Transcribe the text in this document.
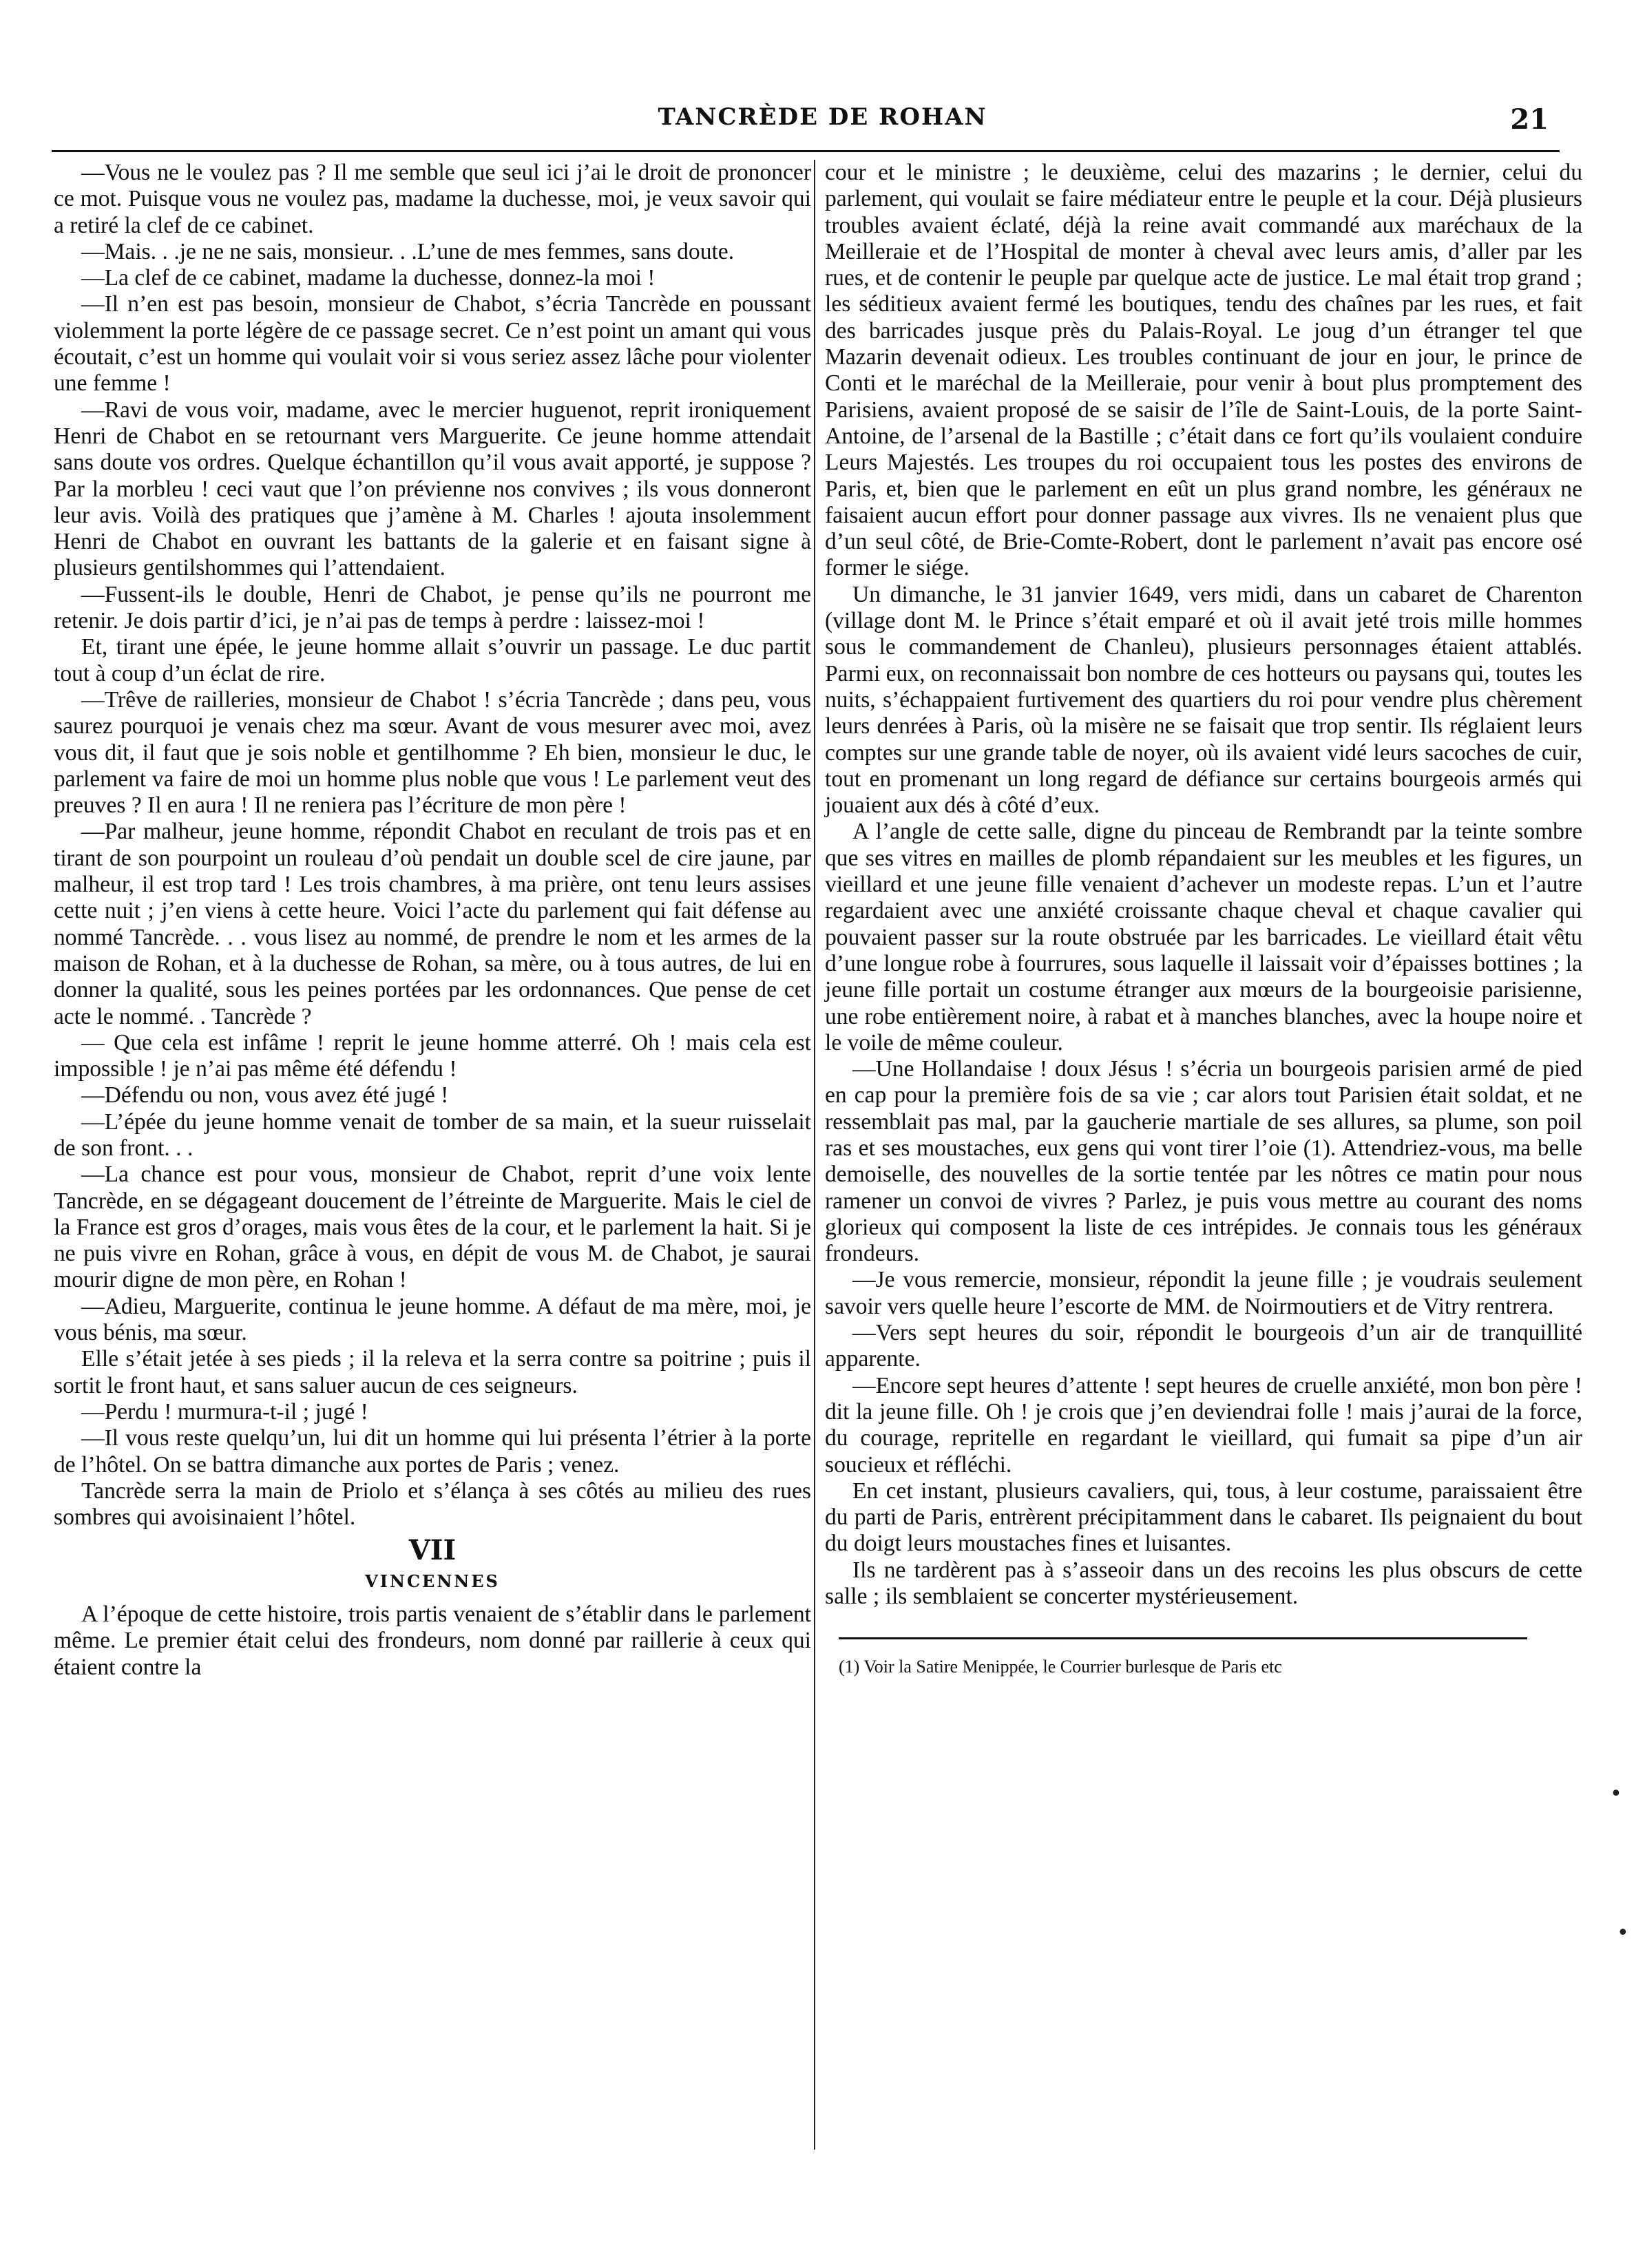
TANCRÈDE DE ROHAN	21

—Vous ne le voulez pas ? Il me semble que seul ici j’ai le droit de prononcer ce mot. Puisque vous ne voulez pas, madame la duchesse, moi, je veux savoir qui a retiré la clef de ce cabinet.

—Mais. . .je ne ne sais, monsieur. . .L’une de mes femmes, sans doute.

—La clef de ce cabinet, madame la duchesse, donnez-la moi !

—Il n’en est pas besoin, monsieur de Chabot, s’écria Tancrède en poussant violemment la porte légère de ce passage secret. Ce n’est point un amant qui vous écoutait, c’est un homme qui voulait voir si vous seriez assez lâche pour violenter une femme !

—Ravi de vous voir, madame, avec le mercier huguenot, reprit ironiquement Henri de Chabot en se retournant vers Marguerite. Ce jeune homme attendait sans doute vos ordres. Quelque échantillon qu’il vous avait apporté, je suppose ? Par la morbleu ! ceci vaut que l’on prévienne nos convives ; ils vous donneront leur avis. Voilà des pratiques que j’amène à M. Charles ! ajouta insolemment Henri de Chabot en ouvrant les battants de la galerie et en faisant signe à plusieurs gentilshommes qui l’attendaient.

—Fussent-ils le double, Henri de Chabot, je pense qu’ils ne pourront me retenir. Je dois partir d’ici, je n’ai pas de temps à perdre : laissez-moi !

Et, tirant une épée, le jeune homme allait s’ouvrir un passage. Le duc partit tout à coup d’un éclat de rire.

—Trêve de railleries, monsieur de Chabot ! s’écria Tancrède ; dans peu, vous saurez pourquoi je venais chez ma sœur. Avant de vous mesurer avec moi, avez vous dit, il faut que je sois noble et gentilhomme ? Eh bien, monsieur le duc, le parlement va faire de moi un homme plus noble que vous ! Le parlement veut des preuves ? Il en aura ! Il ne reniera pas l’écriture de mon père !

—Par malheur, jeune homme, répondit Chabot en reculant de trois pas et en tirant de son pourpoint un rouleau d’où pendait un double scel de cire jaune, par malheur, il est trop tard ! Les trois chambres, à ma prière, ont tenu leurs assises cette nuit ; j’en viens à cette heure. Voici l’acte du parlement qui fait défense au nommé Tancrède. . . vous lisez au nommé, de prendre le nom et les armes de la maison de Rohan, et à la duchesse de Rohan, sa mère, ou à tous autres, de lui en donner la qualité, sous les peines portées par les ordonnances. Que pense de cet acte le nommé. . Tancrède ?

— Que cela est infâme ! reprit le jeune homme atterré. Oh ! mais cela est impossible ! je n’ai pas même été défendu !

—Défendu ou non, vous avez été jugé !

—L’épée du jeune homme venait de tomber de sa main, et la sueur ruisselait de son front. . .

—La chance est pour vous, monsieur de Chabot, reprit d’une voix lente Tancrède, en se dégageant doucement de l’étreinte de Marguerite. Mais le ciel de la France est gros d’orages, mais vous êtes de la cour, et le parlement la hait. Si je ne puis vivre en Rohan, grâce à vous, en dépit de vous M. de Chabot, je saurai mourir digne de mon père, en Rohan !

—Adieu, Marguerite, continua le jeune homme. A défaut de ma mère, moi, je vous bénis, ma sœur.

Elle s’était jetée à ses pieds ; il la releva et la serra contre sa poitrine ; puis il sortit le front haut, et sans saluer aucun de ces seigneurs.

—Perdu ! murmura-t-il ; jugé !

—Il vous reste quelqu’un, lui dit un homme qui lui présenta l’étrier à la porte de l’hôtel. On se battra dimanche aux portes de Paris ; venez.

Tancrède serra la main de Priolo et s’élança à ses côtés au milieu des rues sombres qui avoisinaient l’hôtel.

VII
VINCENNES

A l’époque de cette histoire, trois partis venaient de s’établir dans le parlement même. Le premier était celui des frondeurs, nom donné par raillerie à ceux qui étaient contre la

cour et le ministre ; le deuxième, celui des mazarins ; le dernier, celui du parlement, qui voulait se faire médiateur entre le peuple et la cour. Déjà plusieurs troubles avaient éclaté, déjà la reine avait commandé aux maréchaux de la Meilleraie et de l’Hospital de monter à cheval avec leurs amis, d’aller par les rues, et de contenir le peuple par quelque acte de justice. Le mal était trop grand ; les séditieux avaient fermé les boutiques, tendu des chaînes par les rues, et fait des barricades jusque près du Palais-Royal. Le joug d’un étranger tel que Mazarin devenait odieux. Les troubles continuant de jour en jour, le prince de Conti et le maréchal de la Meilleraie, pour venir à bout plus promptement des Parisiens, avaient proposé de se saisir de l’île de Saint-Louis, de la porte Saint-Antoine, de l’arsenal de la Bastille ; c’était dans ce fort qu’ils voulaient conduire Leurs Majestés. Les troupes du roi occupaient tous les postes des environs de Paris, et, bien que le parlement en eût un plus grand nombre, les généraux ne faisaient aucun effort pour donner passage aux vivres. Ils ne venaient plus que d’un seul côté, de Brie-Comte-Robert, dont le parlement n’avait pas encore osé former le siége.

Un dimanche, le 31 janvier 1649, vers midi, dans un cabaret de Charenton (village dont M. le Prince s’était emparé et où il avait jeté trois mille hommes sous le commandement de Chanleu), plusieurs personnages étaient attablés. Parmi eux, on reconnaissait bon nombre de ces hotteurs ou paysans qui, toutes les nuits, s’échappaient furtivement des quartiers du roi pour vendre plus chèrement leurs denrées à Paris, où la misère ne se faisait que trop sentir. Ils réglaient leurs comptes sur une grande table de noyer, où ils avaient vidé leurs sacoches de cuir, tout en promenant un long regard de défiance sur certains bourgeois armés qui jouaient aux dés à côté d’eux.

A l’angle de cette salle, digne du pinceau de Rembrandt par la teinte sombre que ses vitres en mailles de plomb répandaient sur les meubles et les figures, un vieillard et une jeune fille venaient d’achever un modeste repas. L’un et l’autre regardaient avec une anxiété croissante chaque cheval et chaque cavalier qui pouvaient passer sur la route obstruée par les barricades. Le vieillard était vêtu d’une longue robe à fourrures, sous laquelle il laissait voir d’épaisses bottines ; la jeune fille portait un costume étranger aux mœurs de la bourgeoisie parisienne, une robe entièrement noire, à rabat et à manches blanches, avec la houpe noire et le voile de même couleur.

—Une Hollandaise ! doux Jésus ! s’écria un bourgeois parisien armé de pied en cap pour la première fois de sa vie ; car alors tout Parisien était soldat, et ne ressemblait pas mal, par la gaucherie martiale de ses allures, sa plume, son poil ras et ses moustaches, eux gens qui vont tirer l’oie (1). Attendriez-vous, ma belle demoiselle, des nouvelles de la sortie tentée par les nôtres ce matin pour nous ramener un convoi de vivres ? Parlez, je puis vous mettre au courant des noms glorieux qui composent la liste de ces intrépides. Je connais tous les généraux frondeurs.

—Je vous remercie, monsieur, répondit la jeune fille ; je voudrais seulement savoir vers quelle heure l’escorte de MM. de Noirmoutiers et de Vitry rentrera.

—Vers sept heures du soir, répondit le bourgeois d’un air de tranquillité apparente.

—Encore sept heures d’attente ! sept heures de cruelle anxiété, mon bon père ! dit la jeune fille. Oh ! je crois que j’en deviendrai folle ! mais j’aurai de la force, du courage, repritelle en regardant le vieillard, qui fumait sa pipe d’un air soucieux et réfléchi.

En cet instant, plusieurs cavaliers, qui, tous, à leur costume, paraissaient être du parti de Paris, entrèrent précipitamment dans le cabaret. Ils peignaient du bout du doigt leurs moustaches fines et luisantes.

Ils ne tardèrent pas à s’asseoir dans un des recoins les plus obscurs de cette salle ; ils semblaient se concerter mystérieusement.

(1) Voir la Satire Menippée, le Courrier burlesque de Paris etc
•
•
